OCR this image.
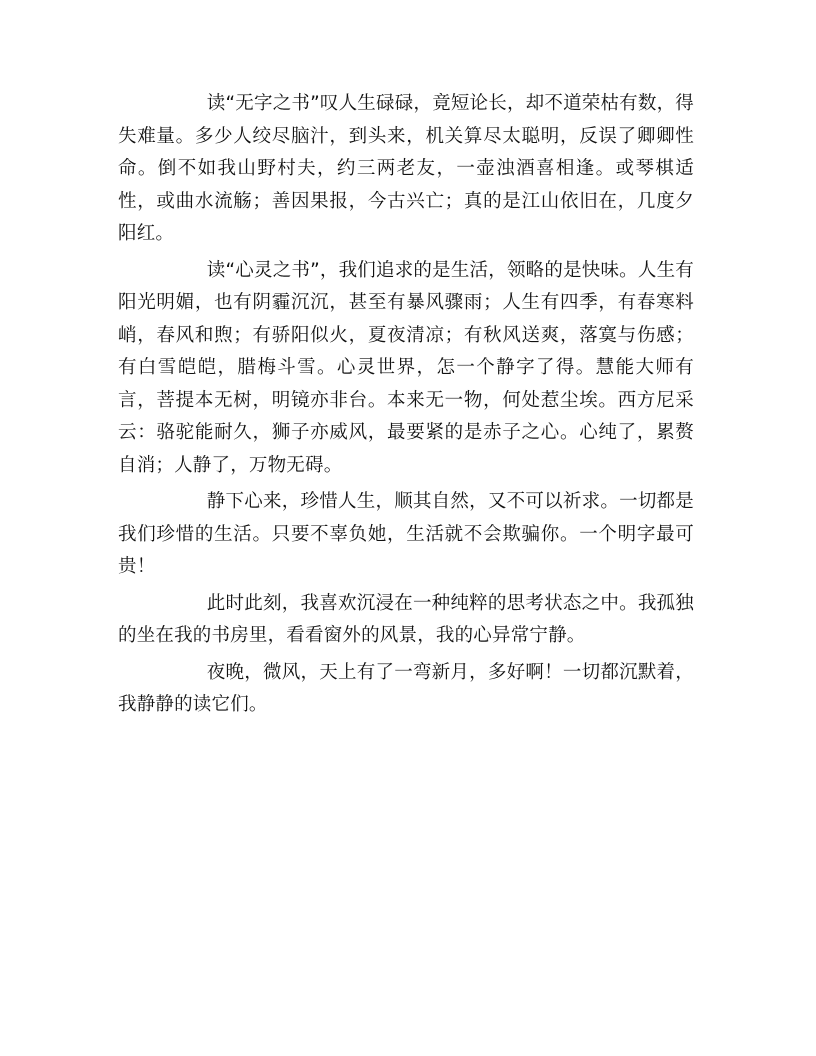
读“无字之书”叹人生碌碌，竟短论长，却不道荣枯有数，得失难量。多少人绞尽脑汁，到头来，机关算尽太聪明，反误了卿卿性命。倒不如我山野村夫，约三两老友，一壶浊酒喜相逢。或琴棋适性，或曲水流觞；善因果报，今古兴亡；真的是江山依旧在，几度夕阳红。

读“心灵之书”，我们追求的是生活，领略的是快味。人生有阳光明媚，也有阴霾沉沉，甚至有暴风骤雨；人生有四季，有春寒料峭，春风和煦；有骄阳似火，夏夜清凉；有秋风送爽，落寞与伤感；有白雪皑皑，腊梅斗雪。心灵世界，怎一个静字了得。慧能大师有言，菩提本无树，明镜亦非台。本来无一物，何处惹尘埃。西方尼采云：骆驼能耐久，狮子亦威风，最要紧的是赤子之心。心纯了，累赘自消；人静了，万物无碍。

静下心来，珍惜人生，顺其自然，又不可以祈求。一切都是我们珍惜的生活。只要不辜负她，生活就不会欺骗你。一个明字最可贵！

此时此刻，我喜欢沉浸在一种纯粹的思考状态之中。我孤独的坐在我的书房里，看看窗外的风景，我的心异常宁静。

夜晚，微风，天上有了一弯新月，多好啊！一切都沉默着，我静静的读它们。
